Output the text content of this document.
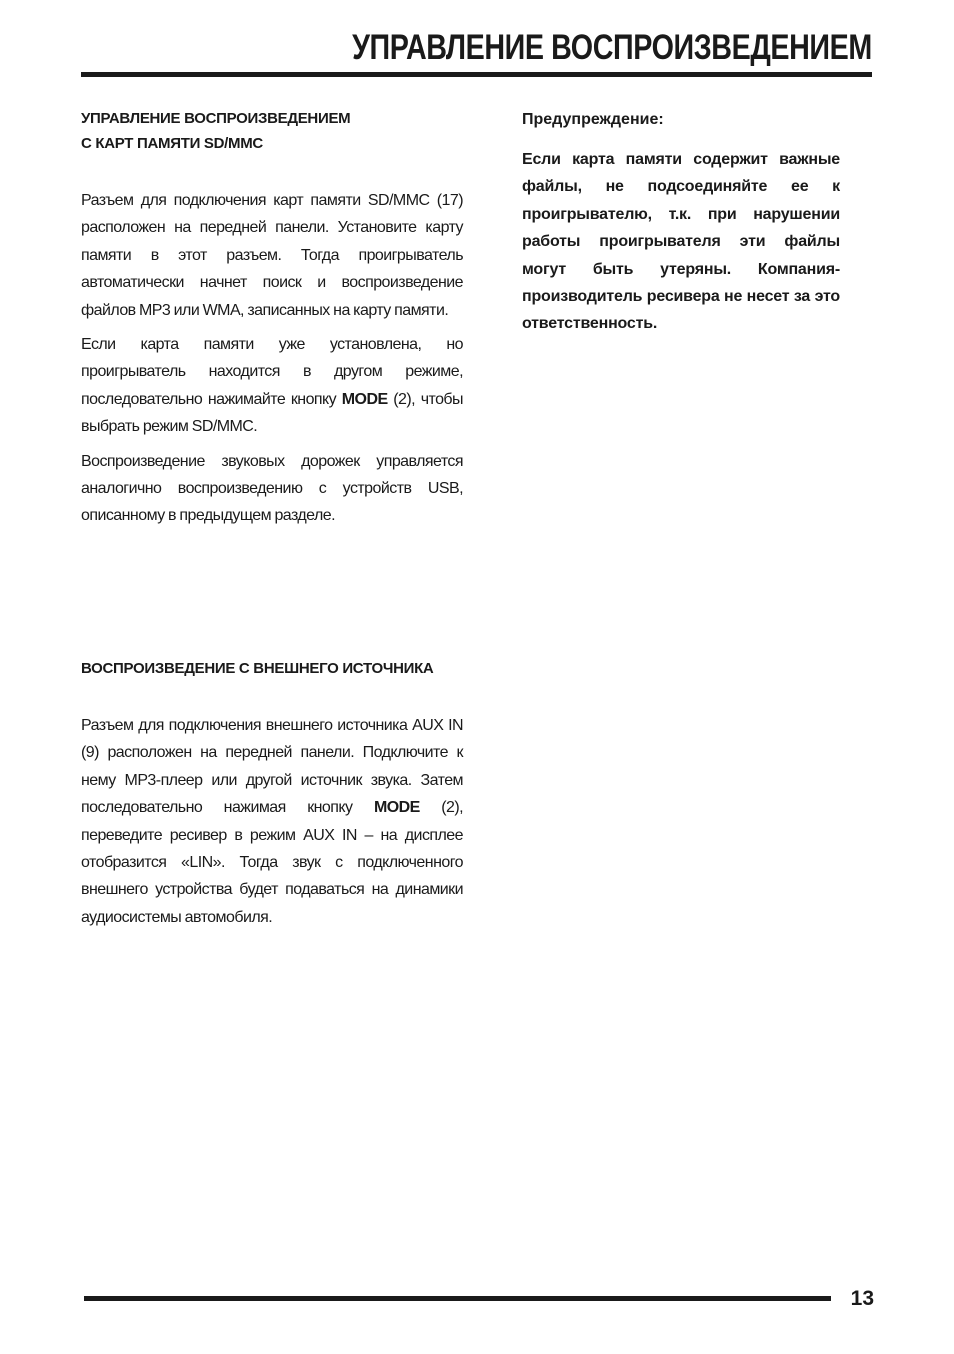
УПРАВЛЕНИЕ ВОСПРОИЗВЕДЕНИЕМ
УПРАВЛЕНИЕ ВОСПРОИЗВЕДЕНИЕМ
С КАРТ ПАМЯТИ SD/MMC

Разъем для подключения карт памяти SD/MMC (17) расположен на передней панели. Установите карту памяти в этот разъем. Тогда проигрыватель автоматически начнет поиск и воспроизведение файлов MP3 или WMA, записанных на карту памяти.

Если карта памяти уже установлена, но проигрыватель находится в другом режиме, последовательно нажимайте кнопку MODE (2), чтобы выбрать режим SD/MMC.

Воспроизведение звуковых дорожек управляется аналогично воспроизведению с устройств USB, описанному в предыдущем разделе.

Предупреждение:

Если карта памяти содержит важные файлы, не подсоединяйте ее к проигрывателю, т.к. при нарушении работы проигрывателя эти файлы могут быть утеряны. Компания-производитель ресивера не несет за это ответственность.

ВОСПРОИЗВЕДЕНИЕ С ВНЕШНЕГО ИСТОЧНИКА

Разъем для подключения внешнего источника AUX IN (9) расположен на передней панели. Подключите к нему MP3-плеер или другой источник звука. Затем последовательно нажимая кнопку MODE (2), переведите ресивер в режим AUX IN – на дисплее отобразится «LIN». Тогда звук с подключенного внешнего устройства будет подаваться на динамики аудиосистемы автомобиля.

13
